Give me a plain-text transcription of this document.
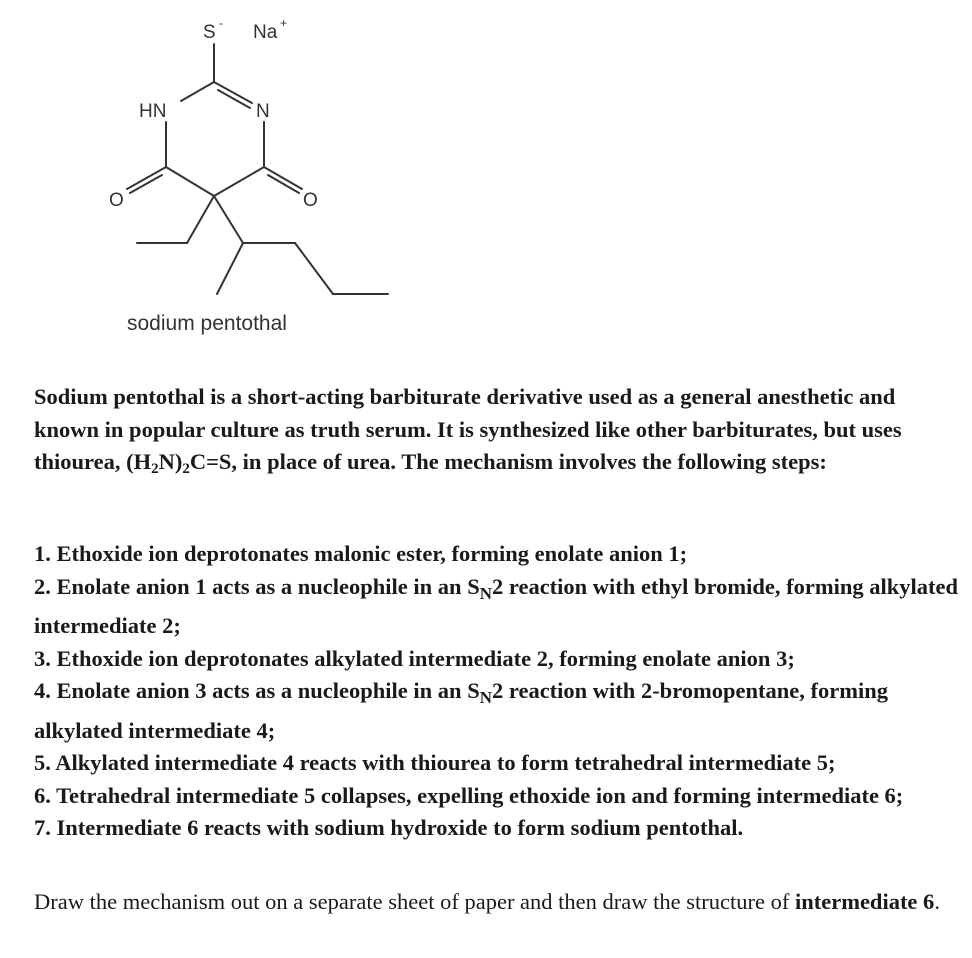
S - Na +
HN	N
O	O
sodium pentothal

Sodium pentothal is a short-acting barbiturate derivative used as a general anesthetic and known in popular culture as truth serum. It is synthesized like other barbiturates, but uses thiourea, $(H_2N)_2C=S$, in place of urea. The mechanism involves the following steps:

1. Ethoxide ion deprotonates malonic ester, forming enolate anion 1;
2. Enolate anion 1 acts as a nucleophile in an $S_N2$ reaction with ethyl bromide, forming alkylated intermediate 2;
3. Ethoxide ion deprotonates alkylated intermediate 2, forming enolate anion 3;
4. Enolate anion 3 acts as a nucleophile in an $S_N2$ reaction with 2-bromopentane, forming alkylated intermediate 4;
5. Alkylated intermediate 4 reacts with thiourea to form tetrahedral intermediate 5;
6. Tetrahedral intermediate 5 collapses, expelling ethoxide ion and forming intermediate 6;
7. Intermediate 6 reacts with sodium hydroxide to form sodium pentothal.

Draw the mechanism out on a separate sheet of paper and then draw the structure of intermediate 6.
